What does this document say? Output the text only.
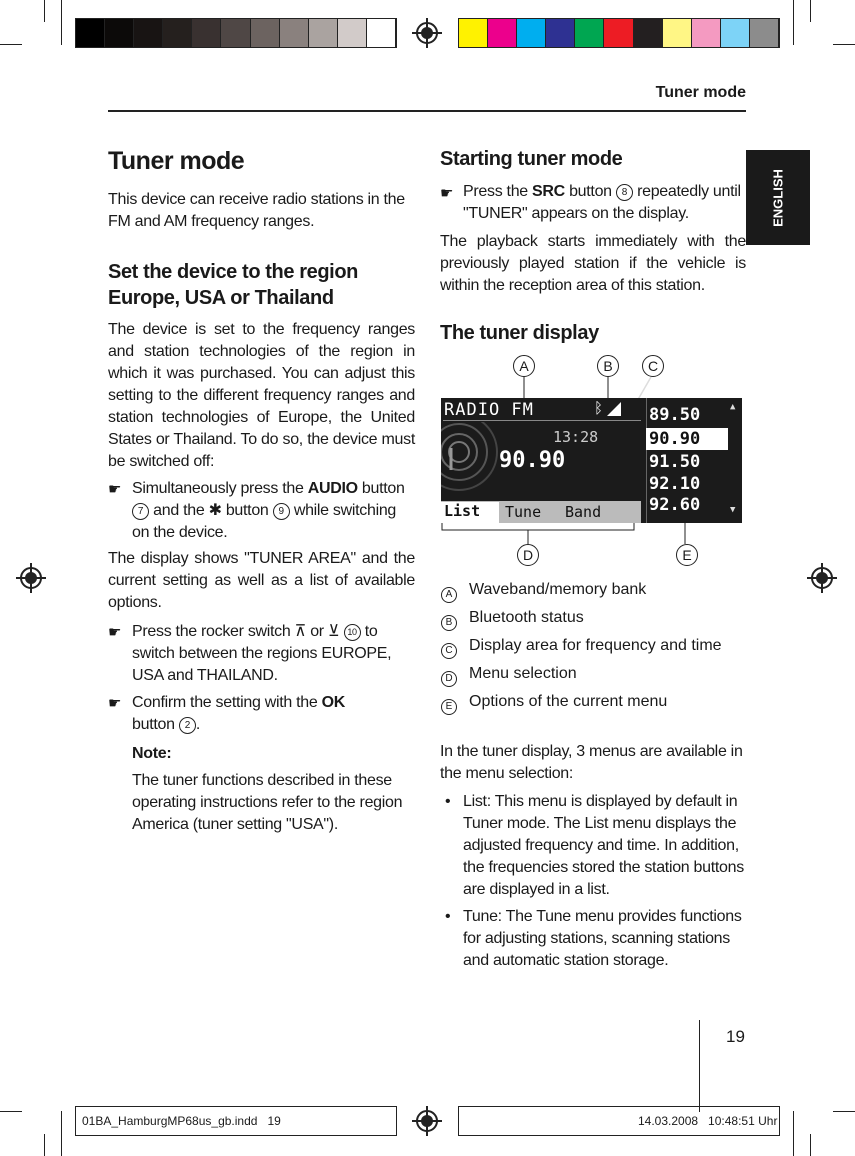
Tuner mode
ENGLISH
Tuner mode
This device can receive radio stations in the FM and AM frequency ranges.
Set the device to the region
Europe, USA or Thailand
The device is set to the frequency ranges and station technologies of the region in which it was purchased. You can adjust this setting to the different frequency ranges and station technologies of Europe, the United States or Thailand. To do so, the device must be switched off:
☛ Simultaneously press the AUDIO button
7 and the ✱ button 9 while switching on the device.
The display shows "TUNER AREA" and the current setting as well as a list of available options.
☛ Press the rocker switch ⊼ or ⊻ 10 to switch between the regions EUROPE, USA and THAILAND.
☛ Confirm the setting with the OK
button 2 .
Note:
The tuner functions described in these operating instructions refer to the region America (tuner setting "USA").
Starting tuner mode
☛ Press the SRC button 8 repeatedly until "TUNER" appears on the display.
The playback starts immediately with the previously played station if the vehicle is within the reception area of this station.
The tuner display
A	B	C
D	E
RADIO FM	ᛒ
13:28
90.90
▲
▼
89.50
90.90
91.50
92.10
92.60
List	Tune Band
A Waveband/memory bank
B Bluetooth status
C Display area for frequency and time
D Menu selection
E Options of the current menu
In the tuner display, 3 menus are available in the menu selection:
• List: This menu is displayed by default in Tuner mode. The List menu displays the adjusted frequency and time. In addition, the frequencies stored the station buttons are displayed in a list.
• Tune: The Tune menu provides functions for adjusting stations, scanning stations and automatic station storage.
19
01BA_HamburgMP68us_gb.indd   19	14.03.2008   10:48:51 Uhr
